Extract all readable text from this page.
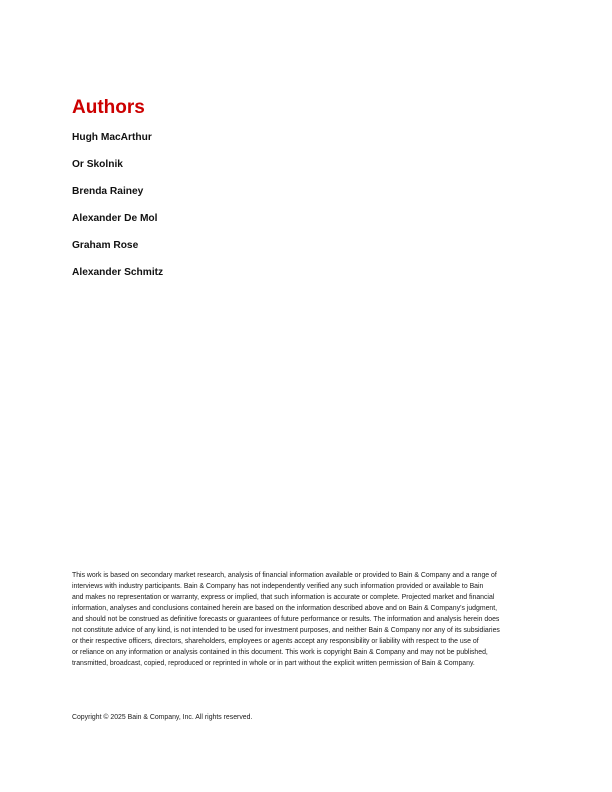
Authors
Hugh MacArthur
Or Skolnik
Brenda Rainey
Alexander De Mol
Graham Rose
Alexander Schmitz

This work is based on secondary market research, analysis of financial information available or provided to Bain & Company and a range of
interviews with industry participants. Bain & Company has not independently verified any such information provided or available to Bain
and makes no representation or warranty, express or implied, that such information is accurate or complete. Projected market and financial
information, analyses and conclusions contained herein are based on the information described above and on Bain & Company’s judgment,
and should not be construed as definitive forecasts or guarantees of future performance or results. The information and analysis herein does
not constitute advice of any kind, is not intended to be used for investment purposes, and neither Bain & Company nor any of its subsidiaries
or their respective officers, directors, shareholders, employees or agents accept any responsibility or liability with respect to the use of
or reliance on any information or analysis contained in this document. This work is copyright Bain & Company and may not be published,
transmitted, broadcast, copied, reproduced or reprinted in whole or in part without the explicit written permission of Bain & Company.

Copyright © 2025 Bain & Company, Inc. All rights reserved.
